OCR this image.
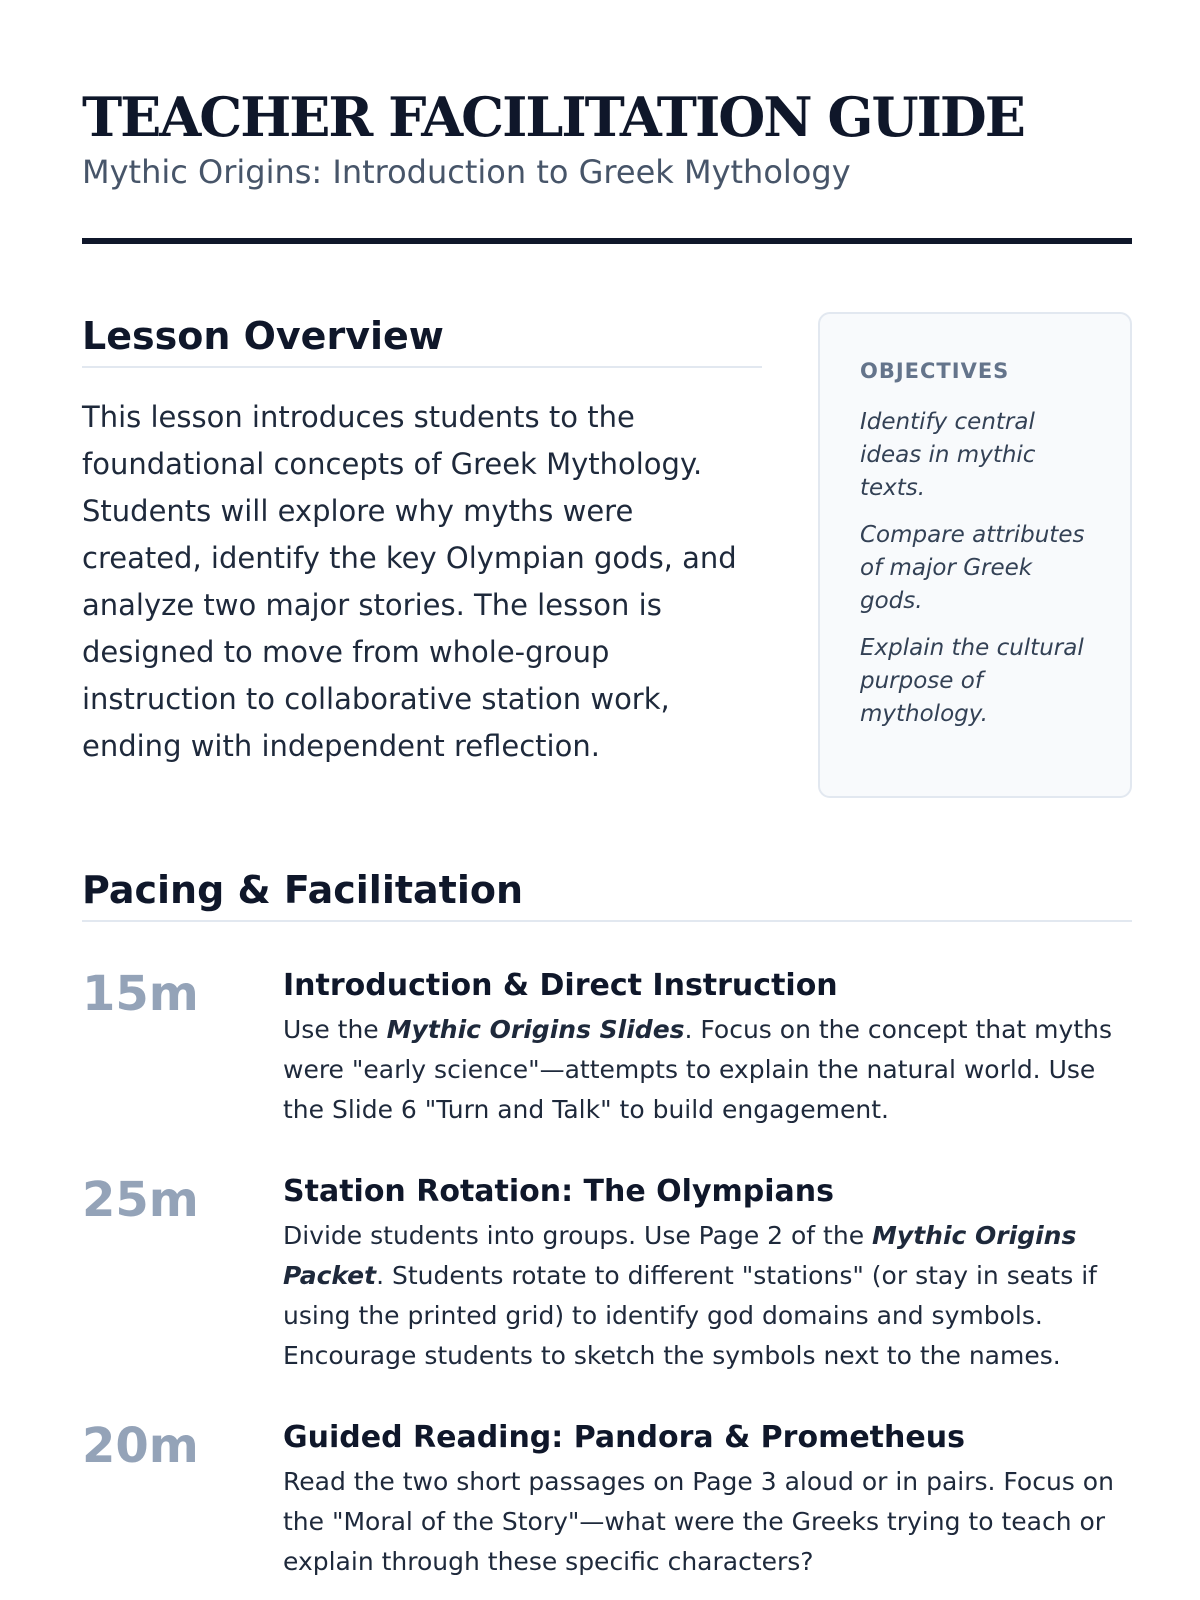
TEACHER FACILITATION GUIDE

Mythic Origins: Introduction to Greek Mythology

Lesson Overview

This lesson introduces students to the foundational concepts of Greek Mythology. Students will explore why myths were created, identify the key Olympian gods, and analyze two major stories. The lesson is designed to move from whole-group instruction to collaborative station work, ending with independent reflection.

OBJECTIVES

Identify central ideas in mythic texts.

Compare attributes of major Greek gods.

Explain the cultural purpose of mythology.

Pacing & Facilitation
15m	Introduction & Direct Instruction

Use the Mythic Origins Slides. Focus on the concept that myths were "early science"—attempts to explain the natural world. Use the Slide 6 "Turn and Talk" to build engagement.

25m	Station Rotation: The Olympians

Divide students into groups. Use Page 2 of the Mythic Origins Packet. Students rotate to different "stations" (or stay in seats if using the printed grid) to identify god domains and symbols. Encourage students to sketch the symbols next to the names.

20m	Guided Reading: Pandora & Prometheus

Read the two short passages on Page 3 aloud or in pairs. Focus on the "Moral of the Story"—what were the Greeks trying to teach or explain through these specific characters?
